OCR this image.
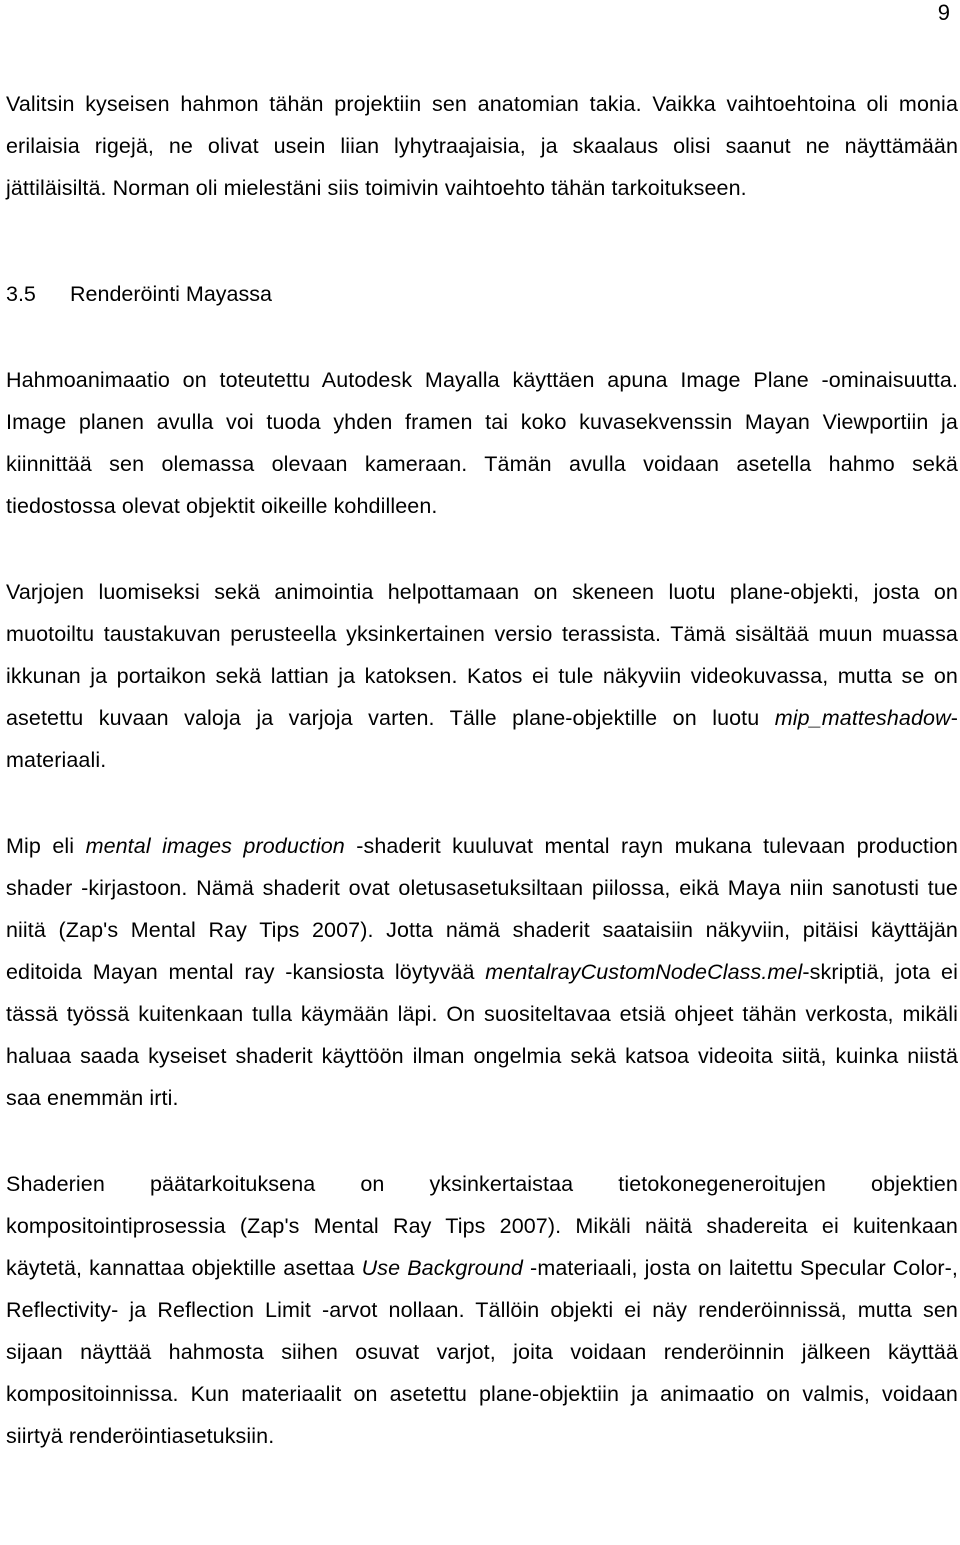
9

Valitsin kyseisen hahmon tähän projektiin sen anatomian takia. Vaikka vaihtoehtoina oli monia erilaisia rigejä, ne olivat usein liian lyhytraajaisia, ja skaalaus olisi saanut ne näyttämään jättiläisiltä. Norman oli mielestäni siis toimivin vaihtoehto tähän tarkoitukseen.

3.5 Renderöinti Mayassa

Hahmoanimaatio on toteutettu Autodesk Mayalla käyttäen apuna Image Plane -ominaisuutta. Image planen avulla voi tuoda yhden framen tai koko kuvasekvenssin Mayan Viewportiin ja kiinnittää sen olemassa olevaan kameraan. Tämän avulla voidaan asetella hahmo sekä tiedostossa olevat objektit oikeille kohdilleen.

Varjojen luomiseksi sekä animointia helpottamaan on skeneen luotu plane-objekti, josta on muotoiltu taustakuvan perusteella yksinkertainen versio terassista. Tämä sisältää muun muassa ikkunan ja portaikon sekä lattian ja katoksen. Katos ei tule näkyviin videokuvassa, mutta se on asetettu kuvaan valoja ja varjoja varten. Tälle plane-objektille on luotu mip_matteshadow-materiaali.

Mip eli mental images production -shaderit kuuluvat mental rayn mukana tulevaan production shader -kirjastoon. Nämä shaderit ovat oletusasetuksiltaan piilossa, eikä Maya niin sanotusti tue niitä (Zap's Mental Ray Tips 2007). Jotta nämä shaderit saataisiin näkyviin, pitäisi käyttäjän editoida Mayan mental ray -kansiosta löytyvää mentalrayCustomNodeClass.mel-skriptiä, jota ei tässä työssä kuitenkaan tulla käymään läpi. On suositeltavaa etsiä ohjeet tähän verkosta, mikäli haluaa saada kyseiset shaderit käyttöön ilman ongelmia sekä katsoa videoita siitä, kuinka niistä saa enemmän irti.

Shaderien päätarkoituksena on yksinkertaistaa tietokonegeneroitujen objektien kompositointiprosessia (Zap's Mental Ray Tips 2007). Mikäli näitä shadereita ei kuitenkaan käytetä, kannattaa objektille asettaa Use Background -materiaali, josta on laitettu Specular Color-, Reflectivity- ja Reflection Limit -arvot nollaan. Tällöin objekti ei näy renderöinnissä, mutta sen sijaan näyttää hahmosta siihen osuvat varjot, joita voidaan renderöinnin jälkeen käyttää kompositoinnissa. Kun materiaalit on asetettu plane-objektiin ja animaatio on valmis, voidaan siirtyä renderöintiasetuksiin.
